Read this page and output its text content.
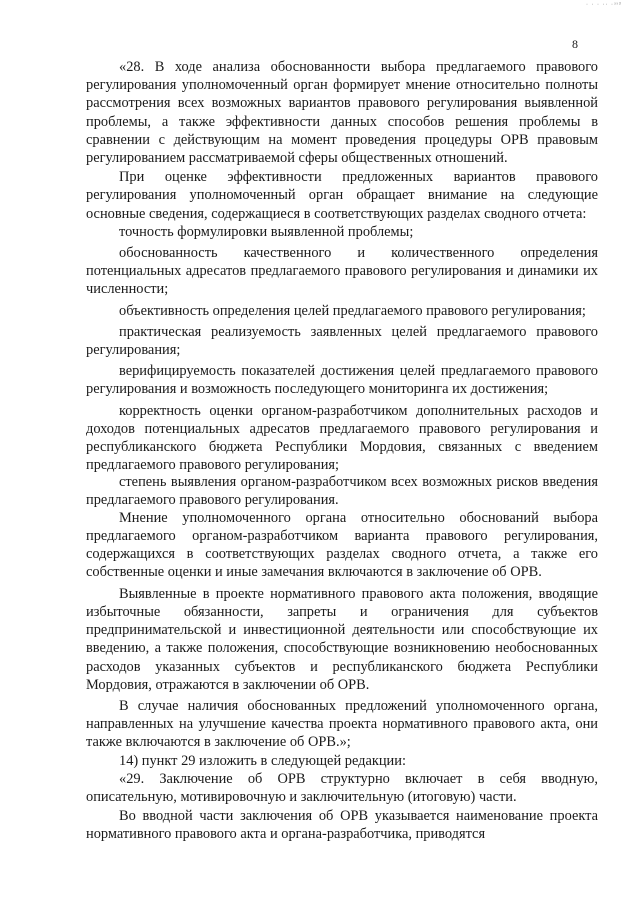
· · · ·· ·ᵃˢ³
8

«28. В ходе анализа обоснованности выбора предлагаемого правового регулирования уполномоченный орган формирует мнение относительно полноты рассмотрения всех возможных вариантов правового регулирования выявленной проблемы, а также эффективности данных способов решения проблемы в сравнении с действующим на момент проведения процедуры ОРВ правовым регулированием рассматриваемой сферы общественных отношений.

При оценке эффективности предложенных вариантов правового регулирования уполномоченный орган обращает внимание на следующие основные сведения, содержащиеся в соответствующих разделах сводного отчета:

точность формулировки выявленной проблемы;

обоснованность качественного и количественного определения потенциальных адресатов предлагаемого правового регулирования и динамики их численности;

объективность определения целей предлагаемого правового регулирования;

практическая реализуемость заявленных целей предлагаемого правового регулирования;

верифицируемость показателей достижения целей предлагаемого правового регулирования и возможность последующего мониторинга их достижения;

корректность оценки органом-разработчиком дополнительных расходов и доходов потенциальных адресатов предлагаемого правового регулирования и республиканского бюджета Республики Мордовия, связанных с введением предлагаемого правового регулирования;

степень выявления органом-разработчиком всех возможных рисков введения предлагаемого правового регулирования.

Мнение уполномоченного органа относительно обоснований выбора предлагаемого органом-разработчиком варианта правового регулирования, содержащихся в соответствующих разделах сводного отчета, а также его собственные оценки и иные замечания включаются в заключение об ОРВ.

Выявленные в проекте нормативного правового акта положения, вводящие избыточные обязанности, запреты и ограничения для субъектов предпринимательской и инвестиционной деятельности или способствующие их введению, а также положения, способствующие возникновению необоснованных расходов указанных субъектов и республиканского бюджета Республики Мордовия, отражаются в заключении об ОРВ.

В случае наличия обоснованных предложений уполномоченного органа, направленных на улучшение качества проекта нормативного правового акта, они также включаются в заключение об ОРВ.»;

14) пункт 29 изложить в следующей редакции:

«29. Заключение об ОРВ структурно включает в себя вводную, описательную, мотивировочную и заключительную (итоговую) части.

Во вводной части заключения об ОРВ указывается наименование проекта нормативного правового акта и органа-разработчика, приводятся
